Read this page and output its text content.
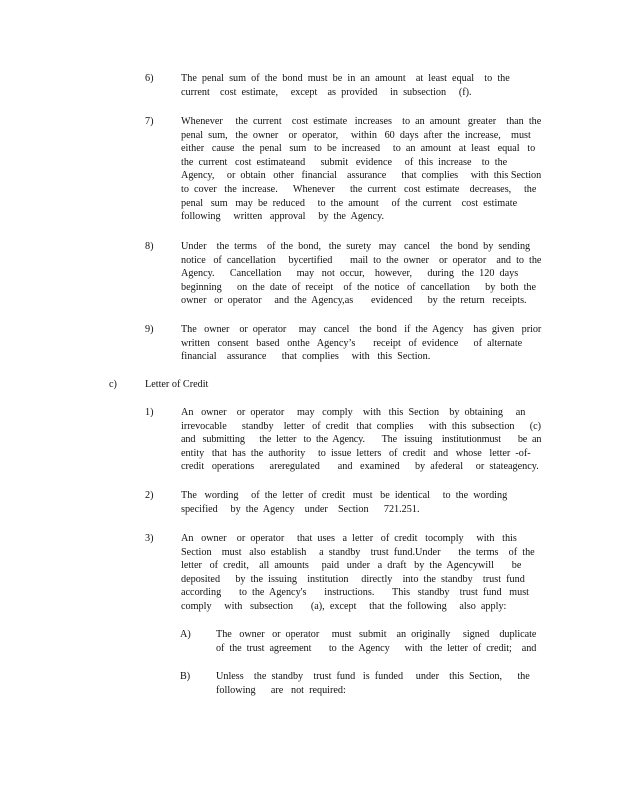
6)	The  penal  sum  of  the  bond  must  be  in  an  amount    at  least  equal    to  the

current    cost  estimate,     except    as  provided     in  subsection     (f).

7)	Whenever     the  current    cost  estimate   increases    to  an  amount   greater    than  the

penal  sum,   the  owner    or  operator,     within   60  days  after  the  increase,    must

either   cause   the  penal   sum   to  be  increased     to  an  amount   at  least   equal   to

the  current   cost  estimateand      submit   evidence     of  this  increase    to  the

Agency,     or  obtain   other   financial    assurance      that  complies     with  this Section

to  cover   the  increase.      Whenever      the  current   cost  estimate    decreases,     the

penal   sum   may  be  reduced     to  the  amount     of  the  current    cost  estimate

following     written   approval     by  the  Agency.

8)	Under    the  terms    of  the  bond,   the  surety   may   cancel    the  bond  by  sending

notice   of  cancellation     bycertified       mail  to  the  owner    or  operator    and  to  the

Agency.      Cancellation      may   not  occur,    however,      during   the  120  days

beginning      on  the  date  of  receipt    of  the  notice   of  cancellation      by  both  the

owner   or  operator     and  the  Agency,as       evidenced      by  the  return   receipts.

9)	The   owner    or  operator     may   cancel    the  bond   if  the  Agency    has  given   prior

written   consent   based   onthe   Agency’s       receipt   of  evidence      of  alternate

financial    assurance      that  complies     with   this  Section.

c)	Letter of Credit

1)	An   owner    or  operator     may   comply    with   this  Section    by  obtaining     an

irrevocable      standby    letter   of  credit   that  complies      with  this  subsection      (c)

and   submitting      the  letter   to  the  Agency.       The   issuing    institutionmust       be  an

entity   that  has  the  authority     to  issue  letters   of  credit   and   whose   letter  -of-

credit   operations      areregulated       and   examined      by  afederal     or  stateagency.

2)	The   wording     of  the  letter  of  credit   must   be  identical     to  the  wording

specified     by  the  Agency    under    Section      721.251.

3)	An   owner    or  operator     that  uses   a  letter   of  credit   tocomply     with   this

Section    must   also  establish     a  standby    trust  fund.Under       the  terms    of  the

letter   of  credit,    all  amounts     paid   under   a  draft   by  the  Agencywill       be

deposited      by  the  issuing    institution     directly    into  the  standby    trust  fund

according       to  the  Agency's       instructions.       This   standby    trust  fund   must

comply     with   subsection       (a),  except     that  the  following     also  apply:

A) The   owner   or  operator     must   submit    an  originally     signed    duplicate

of  the  trust  agreement       to  the  Agency      with   the  letter  of  credit;    and

B)	Unless    the  standby    trust  fund   is  funded     under    this  Section,      the

following      are   not  required:
